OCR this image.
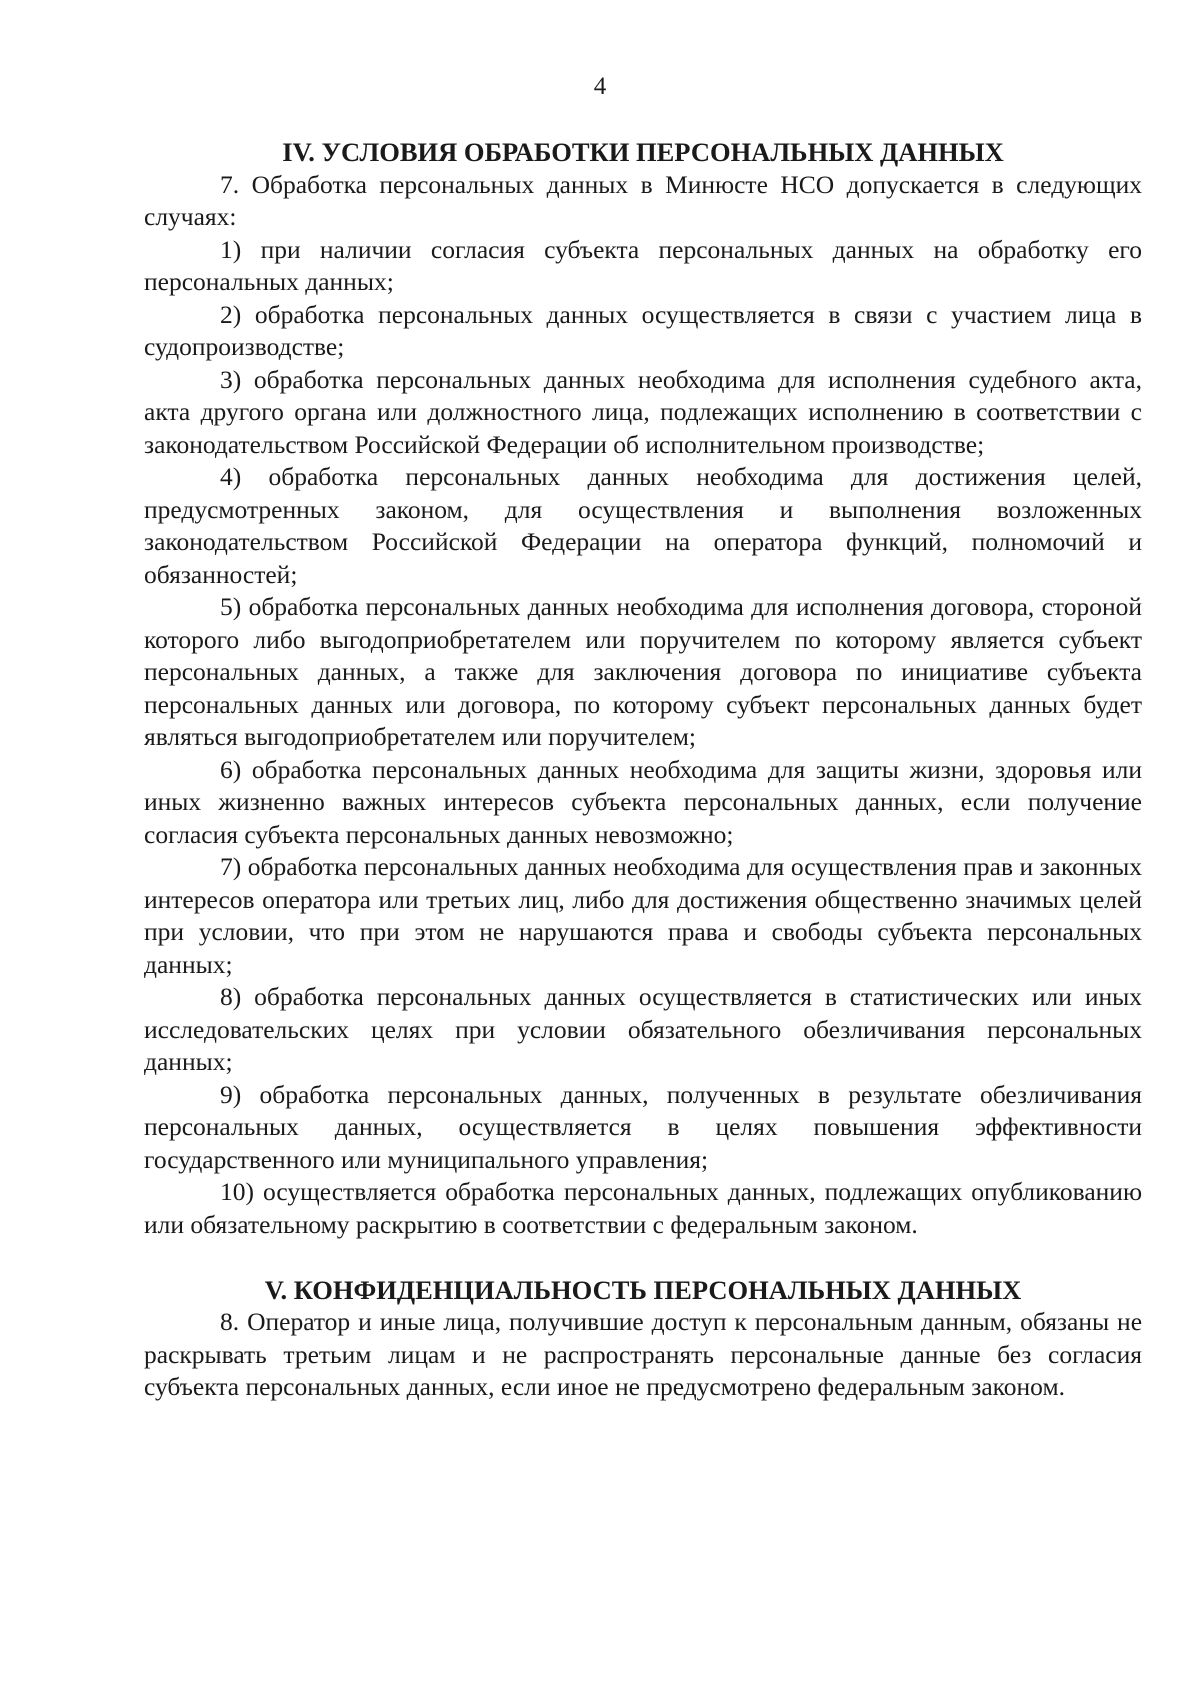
4
IV. УСЛОВИЯ ОБРАБОТКИ ПЕРСОНАЛЬНЫХ ДАННЫХ

7. Обработка персональных данных в Минюсте НСО допускается в следующих случаях:

1) при наличии согласия субъекта персональных данных на обработку его персональных данных;

2) обработка персональных данных осуществляется в связи с участием лица в судопроизводстве;

3) обработка персональных данных необходима для исполнения судебного акта, акта другого органа или должностного лица, подлежащих исполнению в соответствии с законодательством Российской Федерации об исполнительном производстве;

4) обработка персональных данных необходима для достижения целей, предусмотренных законом, для осуществления и выполнения возложенных законодательством Российской Федерации на оператора функций, полномочий и обязанностей;

5) обработка персональных данных необходима для исполнения договора, стороной которого либо выгодоприобретателем или поручителем по которому является субъект персональных данных, а также для заключения договора по инициативе субъекта персональных данных или договора, по которому субъект персональных данных будет являться выгодоприобретателем или поручителем;

6) обработка персональных данных необходима для защиты жизни, здоровья или иных жизненно важных интересов субъекта персональных данных, если получение согласия субъекта персональных данных невозможно;

7) обработка персональных данных необходима для осуществления прав и законных интересов оператора или третьих лиц, либо для достижения общественно значимых целей при условии, что при этом не нарушаются права и свободы субъекта персональных данных;

8) обработка персональных данных осуществляется в статистических или иных исследовательских целях при условии обязательного обезличивания персональных данных;

9) обработка персональных данных, полученных в результате обезличивания персональных данных, осуществляется в целях повышения эффективности государственного или муниципального управления;

10) осуществляется обработка персональных данных, подлежащих опубликованию или обязательному раскрытию в соответствии с федеральным законом.

V. КОНФИДЕНЦИАЛЬНОСТЬ ПЕРСОНАЛЬНЫХ ДАННЫХ

8. Оператор и иные лица, получившие доступ к персональным данным, обязаны не раскрывать третьим лицам и не распространять персональные данные без согласия субъекта персональных данных, если иное не предусмотрено федеральным законом.
